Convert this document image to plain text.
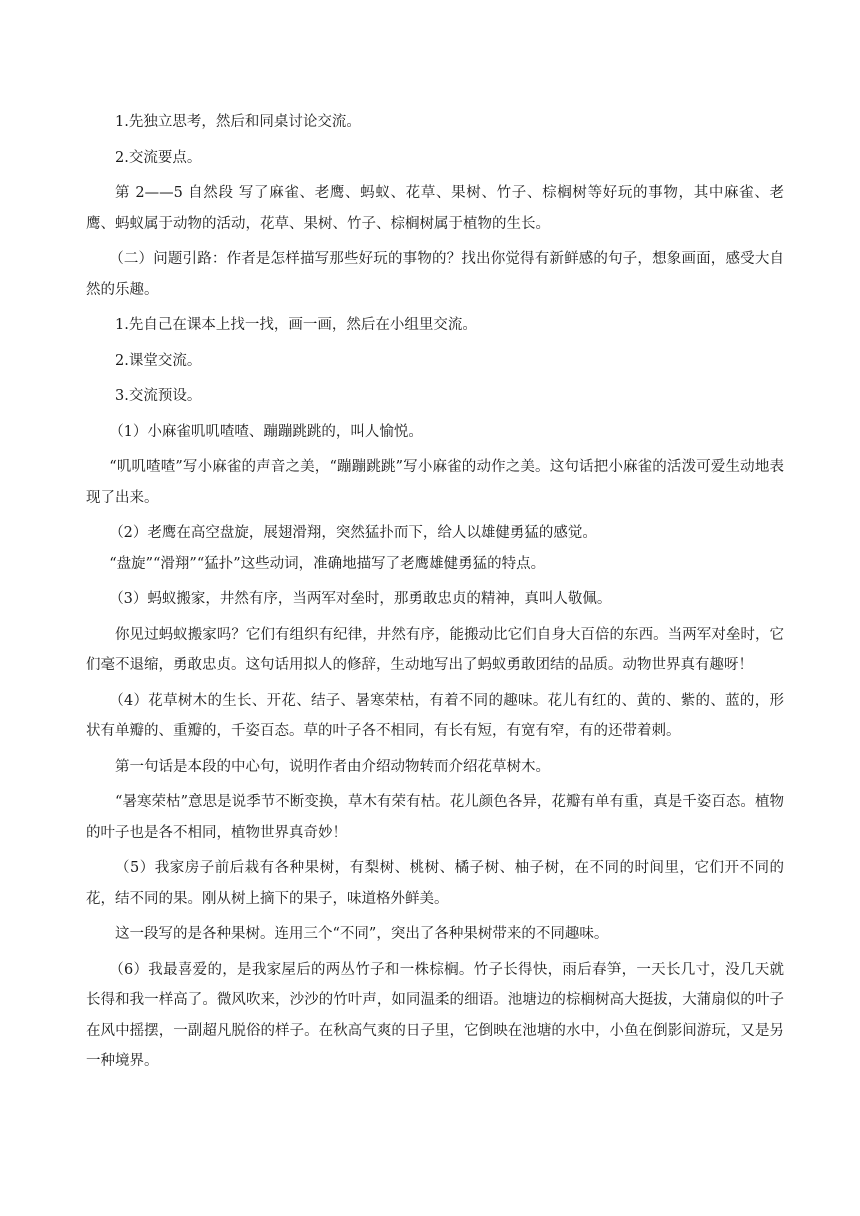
1.先独立思考，然后和同桌讨论交流。

2.交流要点。

第 2——5 自然段 写了麻雀、老鹰、蚂蚁、花草、果树、竹子、棕榈树等好玩的事物，其中麻雀、老鹰、蚂蚁属于动物的活动，花草、果树、竹子、棕榈树属于植物的生长。

（二）问题引路：作者是怎样描写那些好玩的事物的？找出你觉得有新鲜感的句子，想象画面，感受大自然的乐趣。

1.先自己在课本上找一找，画一画，然后在小组里交流。

2.课堂交流。

3.交流预设。

（1）小麻雀叽叽喳喳、蹦蹦跳跳的，叫人愉悦。

“叽叽喳喳”写小麻雀的声音之美，“蹦蹦跳跳”写小麻雀的动作之美。这句话把小麻雀的活泼可爱生动地表现了出来。

（2）老鹰在高空盘旋，展翅滑翔，突然猛扑而下，给人以雄健勇猛的感觉。

“盘旋”“滑翔”“猛扑”这些动词，准确地描写了老鹰雄健勇猛的特点。

（3）蚂蚁搬家，井然有序，当两军对垒时，那勇敢忠贞的精神，真叫人敬佩。

你见过蚂蚁搬家吗？它们有组织有纪律，井然有序，能搬动比它们自身大百倍的东西。当两军对垒时，它们毫不退缩，勇敢忠贞。这句话用拟人的修辞，生动地写出了蚂蚁勇敢团结的品质。动物世界真有趣呀！

（4）花草树木的生长、开花、结子、暑寒荣枯，有着不同的趣味。花儿有红的、黄的、紫的、蓝的，形状有单瓣的、重瓣的，千姿百态。草的叶子各不相同，有长有短，有宽有窄，有的还带着刺。

第一句话是本段的中心句，说明作者由介绍动物转而介绍花草树木。

“暑寒荣枯”意思是说季节不断变换，草木有荣有枯。花儿颜色各异，花瓣有单有重，真是千姿百态。植物的叶子也是各不相同，植物世界真奇妙！

（5）我家房子前后栽有各种果树，有梨树、桃树、橘子树、柚子树，在不同的时间里，它们开不同的花，结不同的果。刚从树上摘下的果子，味道格外鲜美。

这一段写的是各种果树。连用三个“不同”，突出了各种果树带来的不同趣味。

（6）我最喜爱的，是我家屋后的两丛竹子和一株棕榈。竹子长得快，雨后春笋，一天长几寸，没几天就长得和我一样高了。微风吹来，沙沙的竹叶声，如同温柔的细语。池塘边的棕榈树高大挺拔，大蒲扇似的叶子在风中摇摆，一副超凡脱俗的样子。在秋高气爽的日子里，它倒映在池塘的水中，小鱼在倒影间游玩，又是另一种境界。
